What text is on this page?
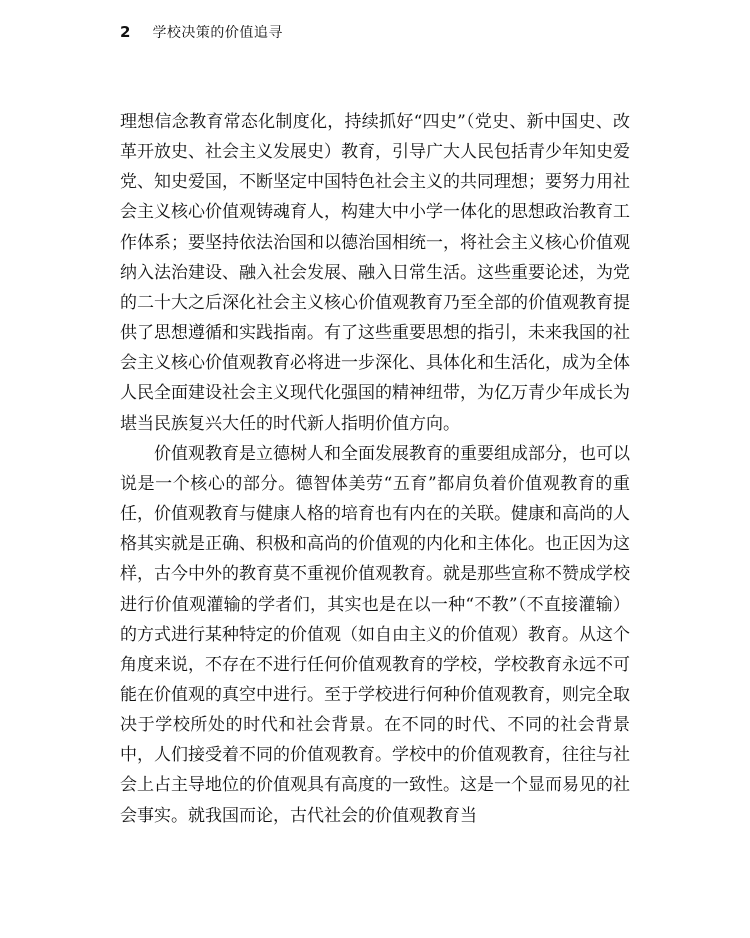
2 学校决策的价值追寻

理想信念教育常态化制度化，持续抓好“四史”（党史、新中国史、改革开放史、社会主义发展史）教育，引导广大人民包括青少年知史爱党、知史爱国，不断坚定中国特色社会主义的共同理想；要努力用社会主义核心价值观铸魂育人，构建大中小学一体化的思想政治教育工作体系；要坚持依法治国和以德治国相统一，将社会主义核心价值观纳入法治建设、融入社会发展、融入日常生活。这些重要论述，为党的二十大之后深化社会主义核心价值观教育乃至全部的价值观教育提供了思想遵循和实践指南。有了这些重要思想的指引，未来我国的社会主义核心价值观教育必将进一步深化、具体化和生活化，成为全体人民全面建设社会主义现代化强国的精神纽带，为亿万青少年成长为堪当民族复兴大任的时代新人指明价值方向。

价值观教育是立德树人和全面发展教育的重要组成部分，也可以说是一个核心的部分。德智体美劳“五育”都肩负着价值观教育的重任，价值观教育与健康人格的培育也有内在的关联。健康和高尚的人格其实就是正确、积极和高尚的价值观的内化和主体化。也正因为这样，古今中外的教育莫不重视价值观教育。就是那些宣称不赞成学校进行价值观灌输的学者们，其实也是在以一种“不教”（不直接灌输）的方式进行某种特定的价值观（如自由主义的价值观）教育。从这个角度来说，不存在不进行任何价值观教育的学校，学校教育永远不可能在价值观的真空中进行。至于学校进行何种价值观教育，则完全取决于学校所处的时代和社会背景。在不同的时代、不同的社会背景中，人们接受着不同的价值观教育。学校中的价值观教育，往往与社会上占主导地位的价值观具有高度的一致性。这是一个显而易见的社会事实。就我国而论，古代社会的价值观教育当
